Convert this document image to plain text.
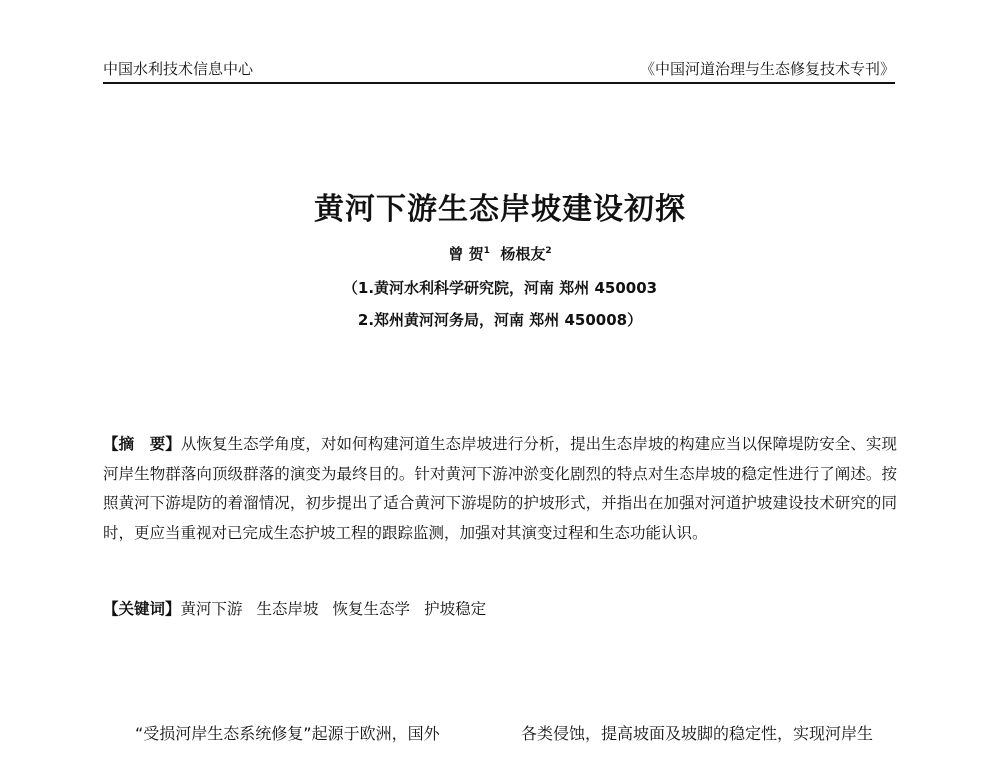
中国水利技术信息中心	《中国河道治理与生态修复技术专刊》
黄河下游生态岸坡建设初探
曾 贺$^1$ 杨根友$^2$
（1.黄河水利科学研究院，河南 郑州 450003
2.郑州黄河河务局，河南 郑州 450008）

【摘　要】从恢复生态学角度，对如何构建河道生态岸坡进行分析，提出生态岸坡的构建应当以保障堤防安全、实现河岸生物群落向顶级群落的演变为最终目的。针对黄河下游冲淤变化剧烈的特点对生态岸坡的稳定性进行了阐述。按照黄河下游堤防的着溜情况，初步提出了适合黄河下游堤防的护坡形式，并指出在加强对河道护坡建设技术研究的同时，更应当重视对已完成生态护坡工程的跟踪监测，加强对其演变过程和生态功能认识。

【关键词】黄河下游 生态岸坡 恢复生态学 护坡稳定
“受损河岸生态系统修复”起源于欧洲，国外	各类侵蚀，提高坡面及坡脚的稳定性，实现河岸生
